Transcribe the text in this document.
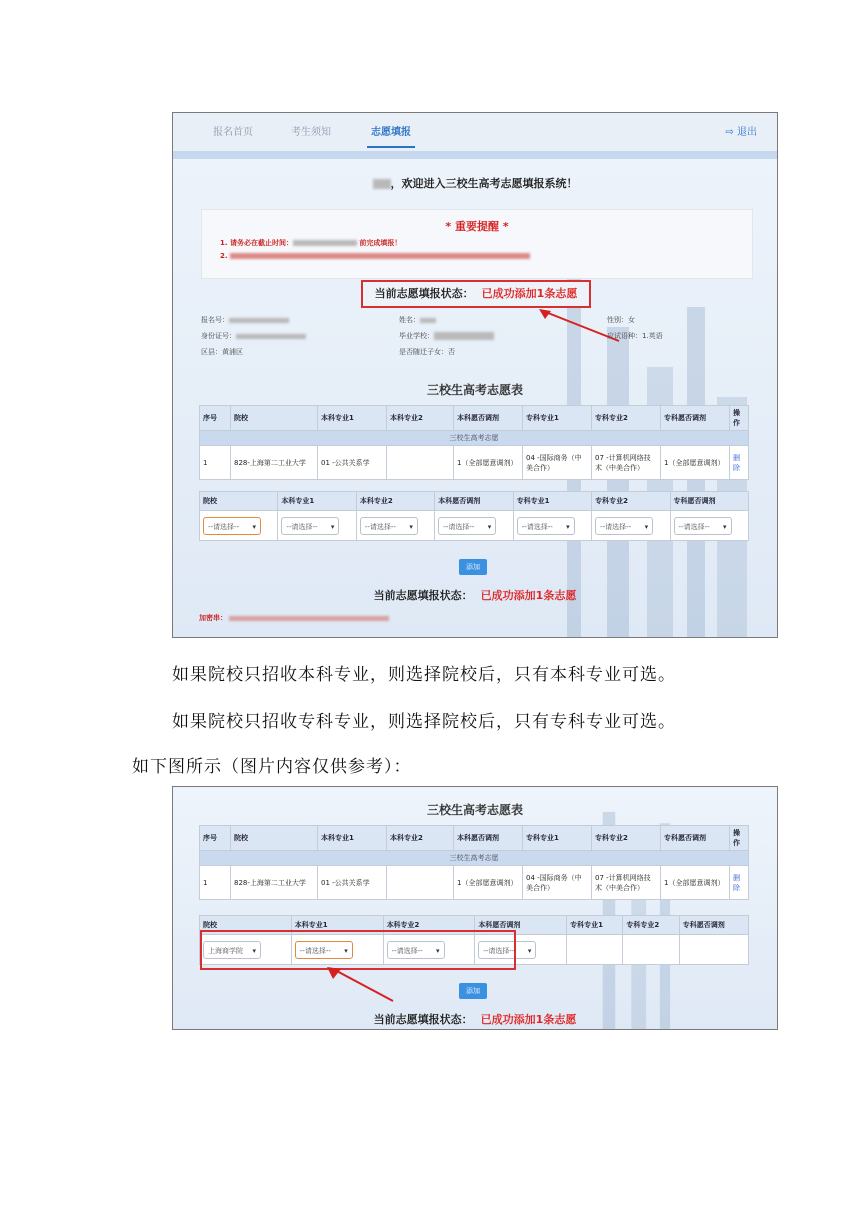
报名首页	考生须知	志愿填报	⇨ 退出
，欢迎进入三校生高考志愿填报系统！
* 重要提醒 *
1. 请务必在截止时间：	前完成填报！
2.
当前志愿填报状态： 已成功添加1条志愿
报名号：	姓名：	性别：女
身份证号：	毕业学校：	应试语种：1.英语
区县：黄浦区	是否随迁子女：否
三校生高考志愿表
序号	院校	本科专业1	本科专业2	本科愿否调剂	专科专业1	专科专业2	专科愿否调剂	操作
三校生高考志愿								
1	828-上海第二工业大学	01 -公共关系学		1（全部愿意调剂）	04 -国际商务（中美合作）	07 -计算机网络技术（中美合作）	1（全部愿意调剂）	删除
院校	本科专业1	本科专业2	本科愿否调剂	专科专业1	专科专业2	专科愿否调剂
--请选择-- ▾	--请选择-- ▾	--请选择-- ▾	--请选择-- ▾	--请选择-- ▾	--请选择-- ▾	--请选择-- ▾
添加
当前志愿填报状态： 已成功添加1条志愿
加密串：
如果院校只招收本科专业，则选择院校后，只有本科专业可选。
如果院校只招收专科专业，则选择院校后，只有专科专业可选。
如下图所示（图片内容仅供参考）：
三校生高考志愿表
序号	院校	本科专业1	本科专业2	本科愿否调剂	专科专业1	专科专业2	专科愿否调剂	操作
三校生高考志愿								
1	828-上海第二工业大学	01 -公共关系学		1（全部愿意调剂）	04 -国际商务（中美合作）	07 -计算机网络技术（中美合作）	1（全部愿意调剂）	删除
院校	本科专业1	本科专业2	本科愿否调剂	专科专业1	专科专业2	专科愿否调剂
上海商学院 ▾	--请选择-- ▾	--请选择-- ▾	--请选择-- ▾			
添加
当前志愿填报状态： 已成功添加1条志愿
